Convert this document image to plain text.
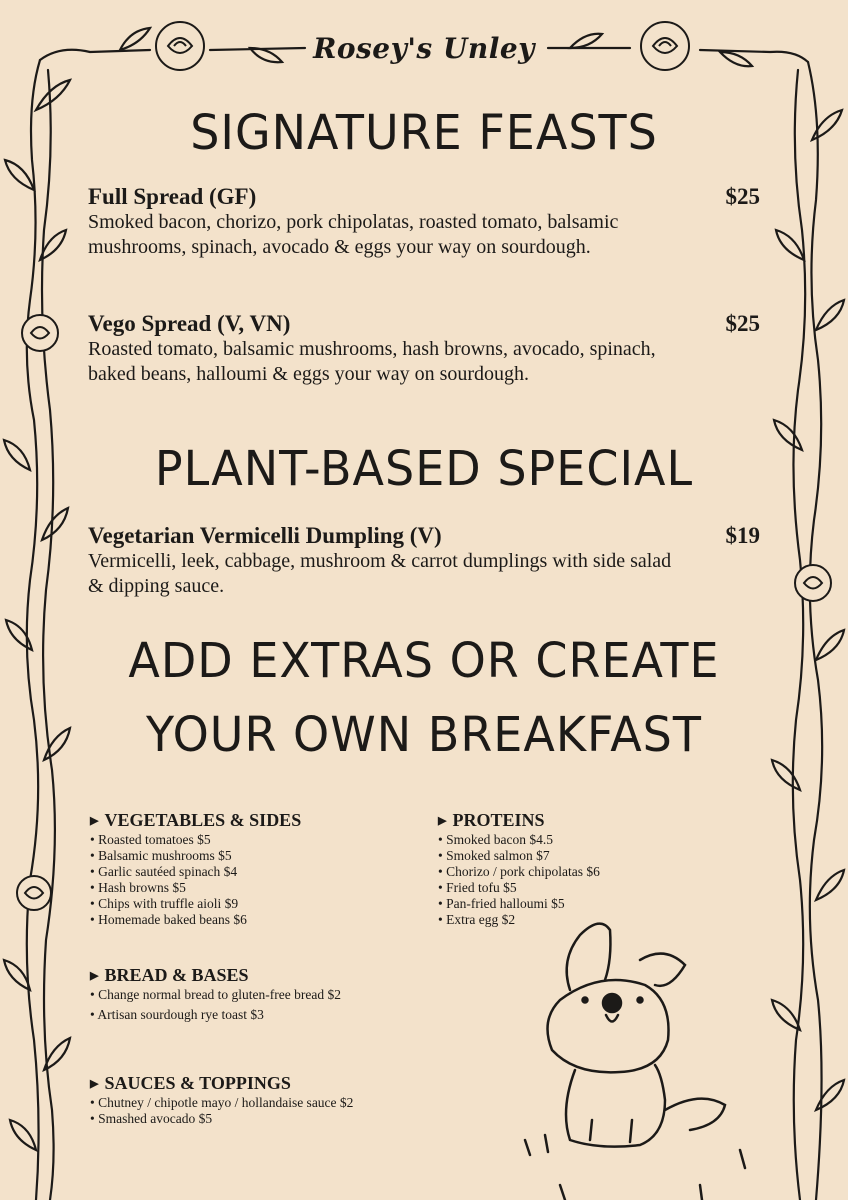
Rosey's Unley
SIGNATURE FEASTS
Full Spread (GF)	$25
Smoked bacon, chorizo, pork chipolatas, roasted tomato, balsamic mushrooms, spinach, avocado & eggs your way on sourdough.
Vego Spread (V, VN)	$25
Roasted tomato, balsamic mushrooms, hash browns, avocado, spinach, baked beans, halloumi & eggs your way on sourdough.
PLANT-BASED SPECIAL
Vegetarian Vermicelli Dumpling (V)	$19
Vermicelli, leek, cabbage, mushroom & carrot dumplings with side salad & dipping sauce.
ADD EXTRAS OR CREATE
YOUR OWN BREAKFAST
▶ VEGETABLES & SIDES
• Roasted tomatoes $5
• Balsamic mushrooms $5
• Garlic sautéed spinach $4
• Hash browns $5
• Chips with truffle aioli $9
• Homemade baked beans $6
▶ PROTEINS
• Smoked bacon $4.5
• Smoked salmon $7
• Chorizo / pork chipolatas $6
• Fried tofu $5
• Pan-fried halloumi $5
• Extra egg $2
▶ BREAD & BASES
• Change normal bread to gluten-free bread $2
• Artisan sourdough rye toast $3
▶ SAUCES & TOPPINGS
• Chutney / chipotle mayo / hollandaise sauce $2
• Smashed avocado $5
